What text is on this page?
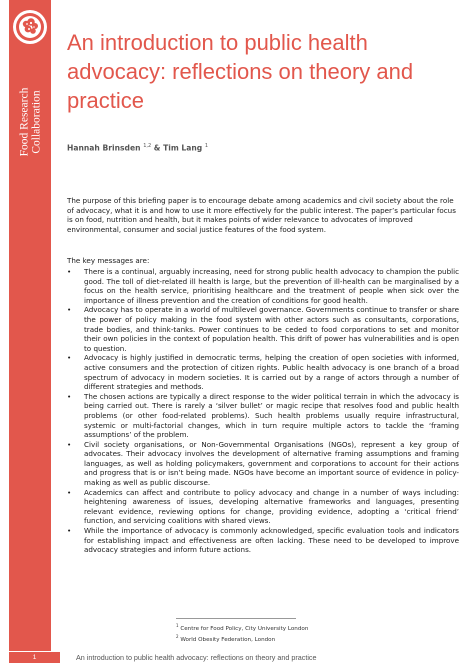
Food Research Collaboration
An introduction to public health advocacy: reflections on theory and practice
Hannah Brinsden $^{1,2}$ & Tim Lang $^1$

The purpose of this briefing paper is to encourage debate among academics and civil society about the role of advocacy, what it is and how to use it more effectively for the public interest. The paper’s particular focus is on food, nutrition and health, but it makes points of wider relevance to advocates of improved environmental, consumer and social justice features of the food system.

The key messages are:

• There is a continual, arguably increasing, need for strong public health advocacy to champion the public good. The toll of diet-related ill health is large, but the prevention of ill-health can be marginalised by a focus on the health service, prioritising healthcare and the treatment of people when sick over the importance of illness prevention and the creation of conditions for good health.
• Advocacy has to operate in a world of multilevel governance. Governments continue to transfer or share the power of policy making in the food system with other actors such as consultants, corporations, trade bodies, and think-tanks. Power continues to be ceded to food corporations to set and monitor their own policies in the context of population health. This drift of power has vulnerabilities and is open to question.
• Advocacy is highly justified in democratic terms, helping the creation of open societies with informed, active consumers and the protection of citizen rights. Public health advocacy is one branch of a broad spectrum of advocacy in modern societies. It is carried out by a range of actors through a number of different strategies and methods.
• The chosen actions are typically a direct response to the wider political terrain in which the advocacy is being carried out. There is rarely a ‘silver bullet’ or magic recipe that resolves food and public health problems (or other food-related problems). Such health problems usually require infrastructural, systemic or multi-factorial changes, which in turn require multiple actors to tackle the ‘framing assumptions’ of the problem.
• Civil society organisations, or Non-Governmental Organisations (NGOs), represent a key group of advocates. Their advocacy involves the development of alternative framing assumptions and framing languages, as well as holding policymakers, government and corporations to account for their actions and progress that is or isn’t being made. NGOs have become an important source of evidence in policy-making as well as public discourse.
• Academics can affect and contribute to policy advocacy and change in a number of ways including: heightening awareness of issues, developing alternative frameworks and languages, presenting relevant evidence, reviewing options for change, providing evidence, adopting a ‘critical friend’ function, and servicing coalitions with shared views.
• While the importance of advocacy is commonly acknowledged, specific evaluation tools and indicators for establishing impact and effectiveness are often lacking. These need to be developed to improve advocacy strategies and inform future actions.
$^1$ Centre for Food Policy, City University London
$^2$ World Obesity Federation, London
1	An introduction to public health advocacy: reflections on theory and practice
